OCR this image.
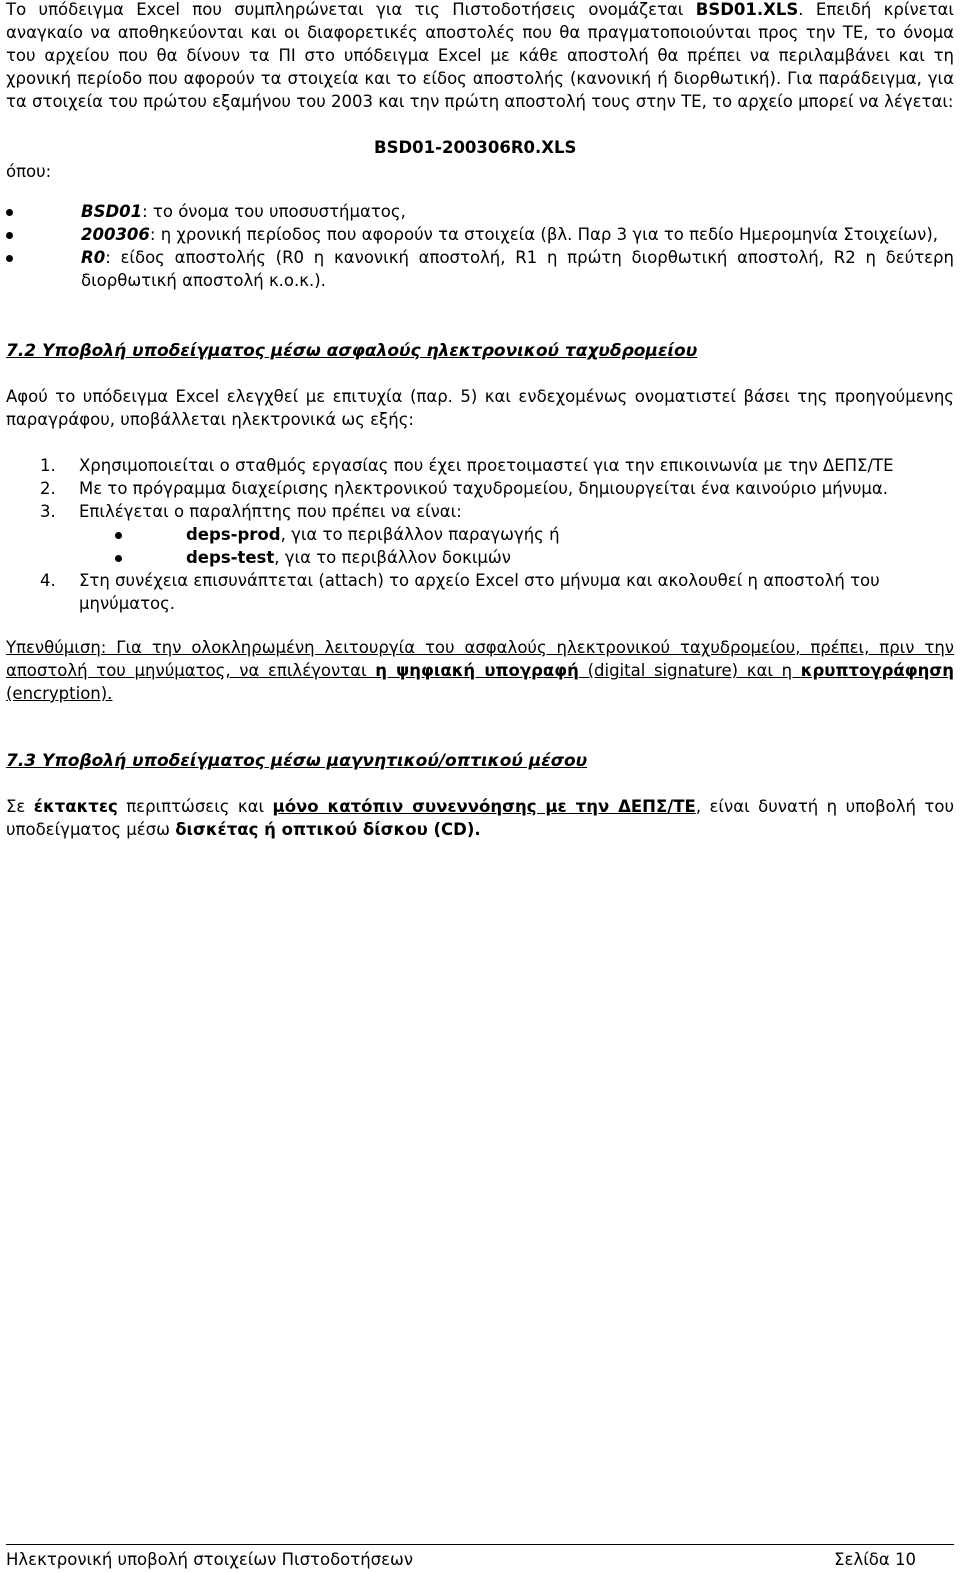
Το υπόδειγμα Excel που συμπληρώνεται για τις Πιστοδοτήσεις ονομάζεται BSD01.XLS. Επειδή κρίνεται αναγκαίο να αποθηκεύονται και οι διαφορετικές αποστολές που θα πραγματοποιούνται προς την ΤΕ, το όνομα του αρχείου που θα δίνουν τα ΠΙ στο υπόδειγμα Excel με κάθε αποστολή θα πρέπει να περιλαμβάνει και τη χρονική περίοδο που αφορούν τα στοιχεία και το είδος αποστολής (κανονική ή διορθωτική). Για παράδειγμα, για τα στοιχεία του πρώτου εξαμήνου του 2003 και την πρώτη αποστολή τους στην ΤΕ, το αρχείο μπορεί να λέγεται:

BSD01-200306R0.XLS
όπου:
BSD01: το όνομα του υποσυστήματος,
200306: η χρονική περίοδος που αφορούν τα στοιχεία (βλ. Παρ 3 για το πεδίο Ημερομηνία Στοιχείων),
R0: είδος αποστολής (R0 η κανονική αποστολή, R1 η πρώτη διορθωτική αποστολή, R2 η δεύτερη διορθωτική αποστολή κ.ο.κ.).
7.2 Υποβολή υποδείγματος μέσω ασφαλούς ηλεκτρονικού ταχυδρομείου

Αφού το υπόδειγμα Excel ελεγχθεί με επιτυχία (παρ. 5) και ενδεχομένως ονοματιστεί βάσει της προηγούμενης παραγράφου, υποβάλλεται ηλεκτρονικά ως εξής:

1. Χρησιμοποιείται ο σταθμός εργασίας που έχει προετοιμαστεί για την επικοινωνία με την ΔΕΠΣ/ΤΕ
2. Με το πρόγραμμα διαχείρισης ηλεκτρονικού ταχυδρομείου, δημιουργείται ένα καινούριο μήνυμα.
3. Επιλέγεται ο παραλήπτης που πρέπει να είναι:
deps-prod, για το περιβάλλον παραγωγής ή
deps-test, για το περιβάλλον δοκιμών
4. Στη συνέχεια επισυνάπτεται (attach) το αρχείο Excel στο μήνυμα και ακολουθεί η αποστολή του μηνύματος.

Υπενθύμιση: Για την ολοκληρωμένη λειτουργία του ασφαλούς ηλεκτρονικού ταχυδρομείου, πρέπει, πριν την αποστολή του μηνύματος, να επιλέγονται η ψηφιακή υπογραφή (digital signature) και η κρυπτογράφηση (encryption).

7.3 Υποβολή υποδείγματος μέσω μαγνητικού/οπτικού μέσου

Σε έκτακτες περιπτώσεις και μόνο κατόπιν συνεννόησης με την ΔΕΠΣ/ΤΕ, είναι δυνατή η υποβολή του υποδείγματος μέσω δισκέτας ή οπτικού δίσκου (CD).

Ηλεκτρονική υποβολή στοιχείων Πιστοδοτήσεων	Σελίδα 10
